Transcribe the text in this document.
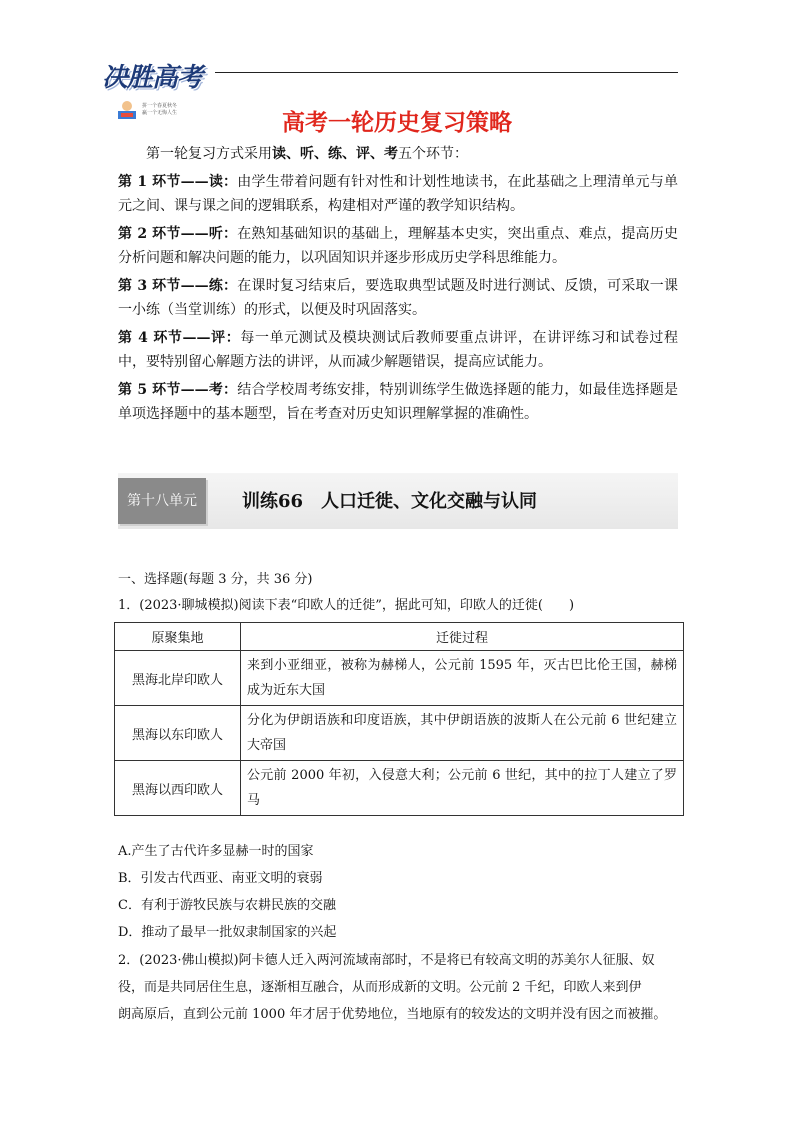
决胜高考
拼一个春夏秋冬
赢一个无悔人生	高考一轮历史复习策略

第一轮复习方式采用读、听、练、评、考五个环节：

第 1 环节——读：由学生带着问题有针对性和计划性地读书，在此基础之上理清单元与单元之间、课与课之间的逻辑联系，构建相对严谨的教学知识结构。

第 2 环节——听：在熟知基础知识的基础上，理解基本史实，突出重点、难点，提高历史分析问题和解决问题的能力，以巩固知识并逐步形成历史学科思维能力。

第 3 环节——练：在课时复习结束后，要选取典型试题及时进行测试、反馈，可采取一课一小练（当堂训练）的形式，以便及时巩固落实。

第 4 环节——评：每一单元测试及模块测试后教师要重点讲评，在讲评练习和试卷过程中，要特别留心解题方法的讲评，从而减少解题错误，提高应试能力。

第 5 环节——考：结合学校周考练安排，特别训练学生做选择题的能力，如最佳选择题是单项选择题中的基本题型，旨在考查对历史知识理解掌握的准确性。

第十八单元	训练66　人口迁徙、文化交融与认同
一、选择题(每题 3 分，共 36 分)
1．(2023·聊城模拟)阅读下表“印欧人的迁徙”，据此可知，印欧人的迁徙(　　)
原聚集地	迁徙过程
黑海北岸印欧人	来到小亚细亚，被称为赫梯人，公元前 1595 年，灭古巴比伦王国，赫梯成为近东大国
黑海以东印欧人	分化为伊朗语族和印度语族，其中伊朗语族的波斯人在公元前 6 世纪建立大帝国
黑海以西印欧人	公元前 2000 年初，入侵意大利；公元前 6 世纪，其中的拉丁人建立了罗马
A.产生了古代许多显赫一时的国家
B．引发古代西亚、南亚文明的衰弱
C．有利于游牧民族与农耕民族的交融
D．推动了最早一批奴隶制国家的兴起
2．(2023·佛山模拟)阿卡德人迁入两河流域南部时，不是将已有较高文明的苏美尔人征服、奴
役，而是共同居住生息，逐渐相互融合，从而形成新的文明。公元前 2 千纪，印欧人来到伊
朗高原后，直到公元前 1000 年才居于优势地位，当地原有的较发达的文明并没有因之而被摧。
